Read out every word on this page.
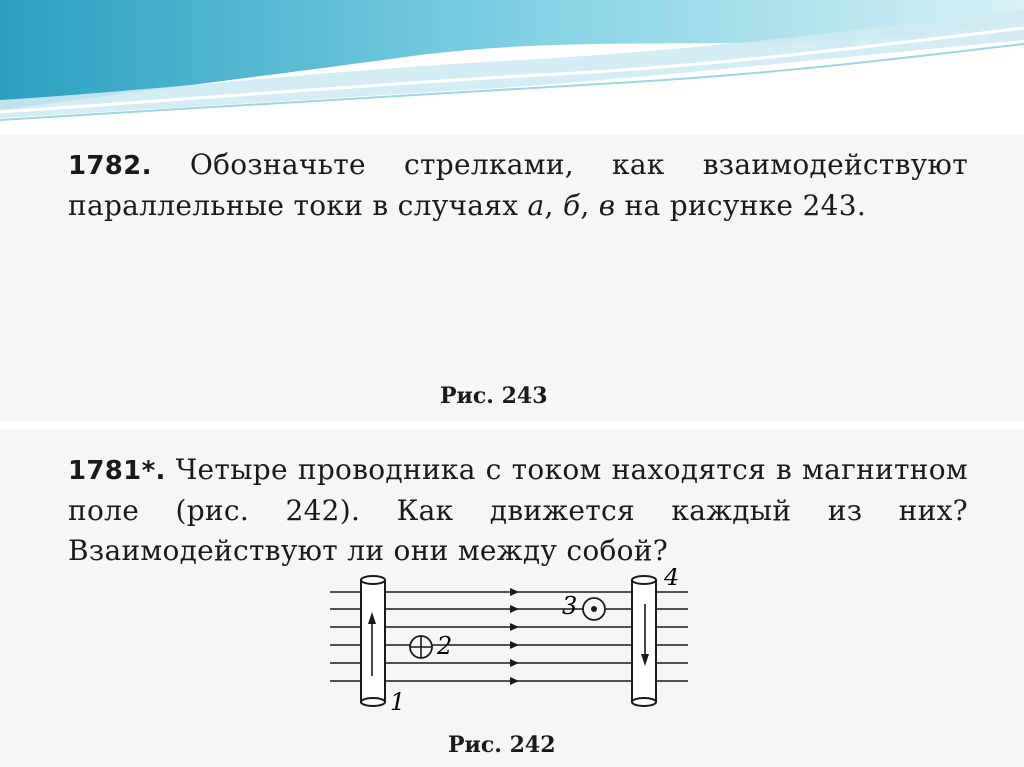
1782. Обозначьте стрелками, как взаимодействуют параллельные токи в случаях а, б, в на рисунке 243.

Рис. 243

1781*. Четыре проводника с током находятся в магнитном поле (рис. 242). Как движется каждый из них? Взаимодействуют ли они между собой?

1
2
3
4
Рис. 242
